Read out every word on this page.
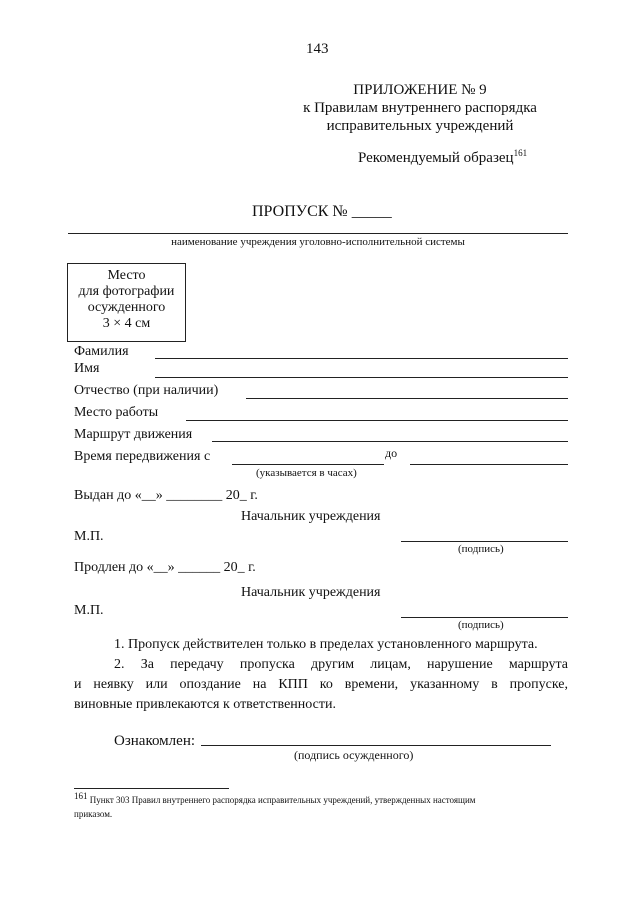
143
ПРИЛОЖЕНИЕ № 9
к Правилам внутреннего распорядка
исправительных учреждений
Рекомендуемый образец$^{161}$
ПРОПУСК № _____
наименование учреждения уголовно-исполнительной системы
Место
для фотографии
осужденного
3 × 4 см
Фамилия
Имя
Отчество (при наличии)
Место работы
Маршрут движения
Время передвижения с	до
(указывается в часах)
Выдан до «__» ________ 20_ г.
Начальник учреждения
М.П.
(подпись)
Продлен до «__» ______ 20_ г.
Начальник учреждения
М.П.
(подпись)
1. Пропуск действителен только в пределах установленного маршрута.
2. За передачу пропуска другим лицам, нарушение маршрута
и неявку или опоздание на КПП ко времени, указанному в пропуске,
виновные привлекаются к ответственности.
Ознакомлен:
(подпись осужденного)
$^{161}$ Пункт 303 Правил внутреннего распорядка исправительных учреждений, утвержденных настоящим
приказом.
